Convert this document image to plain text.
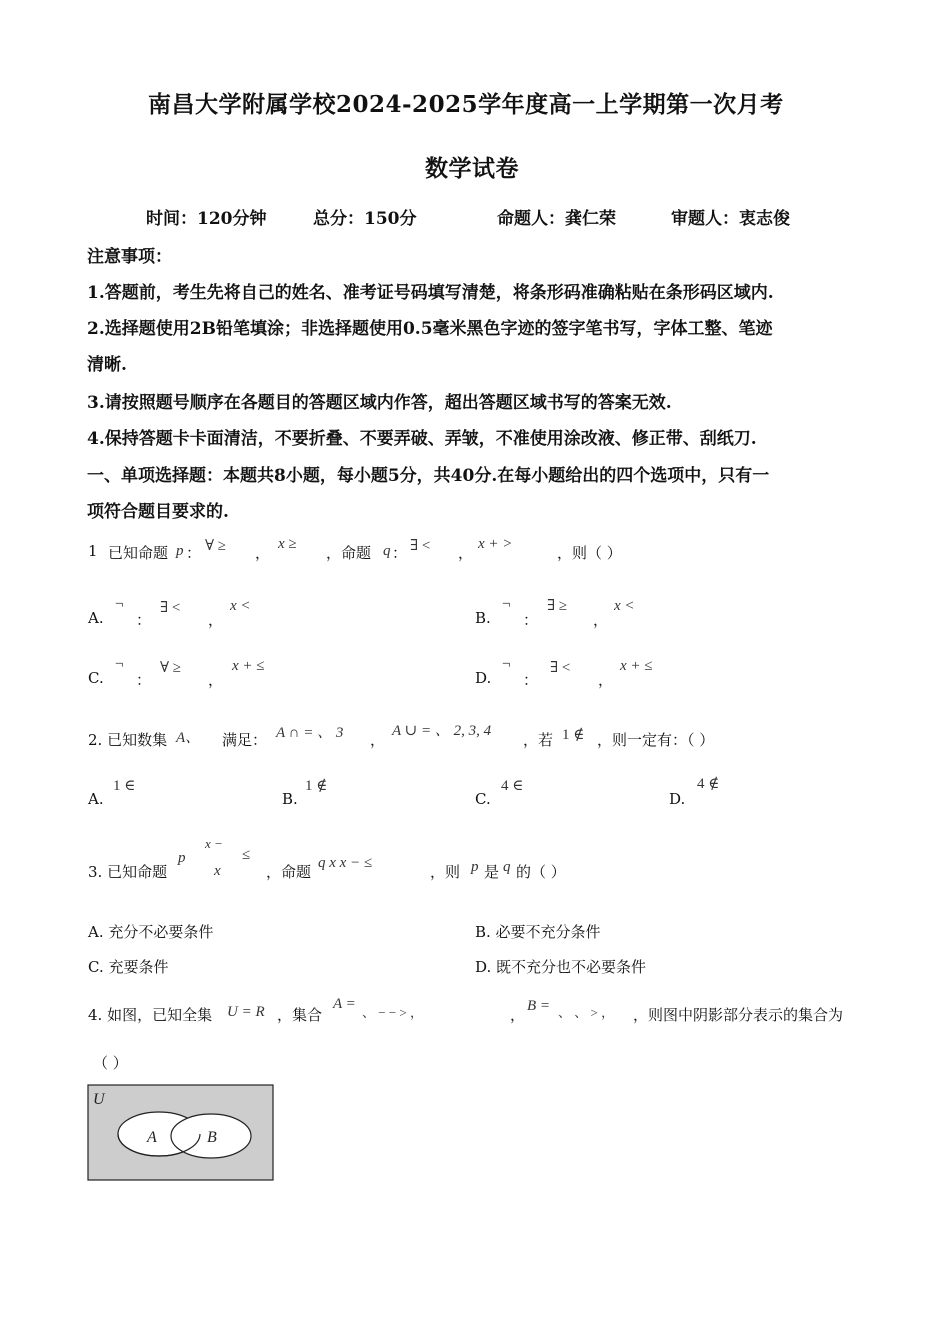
南昌大学附属学校2024-2025学年度高一上学期第一次月考
数学试卷
时间：120分钟	总分：150分	命题人：龚仁荣	审题人：衷志俊
注意事项：
1.答题前，考生先将自己的姓名、准考证号码填写清楚，将条形码准确粘贴在条形码区域内.
2.选择题使用2B铅笔填涂；非选择题使用0.5毫米黑色字迹的签字笔书写，字体工整、笔迹
清晰.
3.请按照题号顺序在各题目的答题区域内作答，超出答题区域书写的答案无效.
4.保持答题卡卡面清洁，不要折叠、不要弄破、弄皱，不准使用涂改液、修正带、刮纸刀.
一、单项选择题：本题共8小题，每小题5分，共40分.在每小题给出的四个选项中，只有一
项符合题目要求的.
1 已知命题 p ： ∀ ≥ ， x ≥ ，命题 q ： ∃ < ， x + >	，则（ ）
A.
¬
：
∃ <
，
x <
B.
¬
：
∃ ≥
，
x <
C.
¬
：
∀ ≥
，
x + ≤
D.
¬
：
∃ <
，
x + ≤
2. 已知数集 A、 满足： A ∩ = 、 3 ， A ∪ = 、 2, 3, 4 ，若 1 ∉ ，则一定有：（ ）
A.
1 ∈
B.
1 ∉
C.
4 ∈
D.
4 ∉
3. 已知命题
p
x −
≤
x	，命题 q x x − ≤	，则 p 是 q 的（ ）
A. 充分不必要条件	B. 必要不充分条件
C. 充要条件	D. 既不充分也不必要条件
4. 如图，已知全集 U = R ，集合
A =
、 − − > ，	， B = 、 、 > ， ，则图中阴影部分表示的集合为
（ ）
U
A	B
